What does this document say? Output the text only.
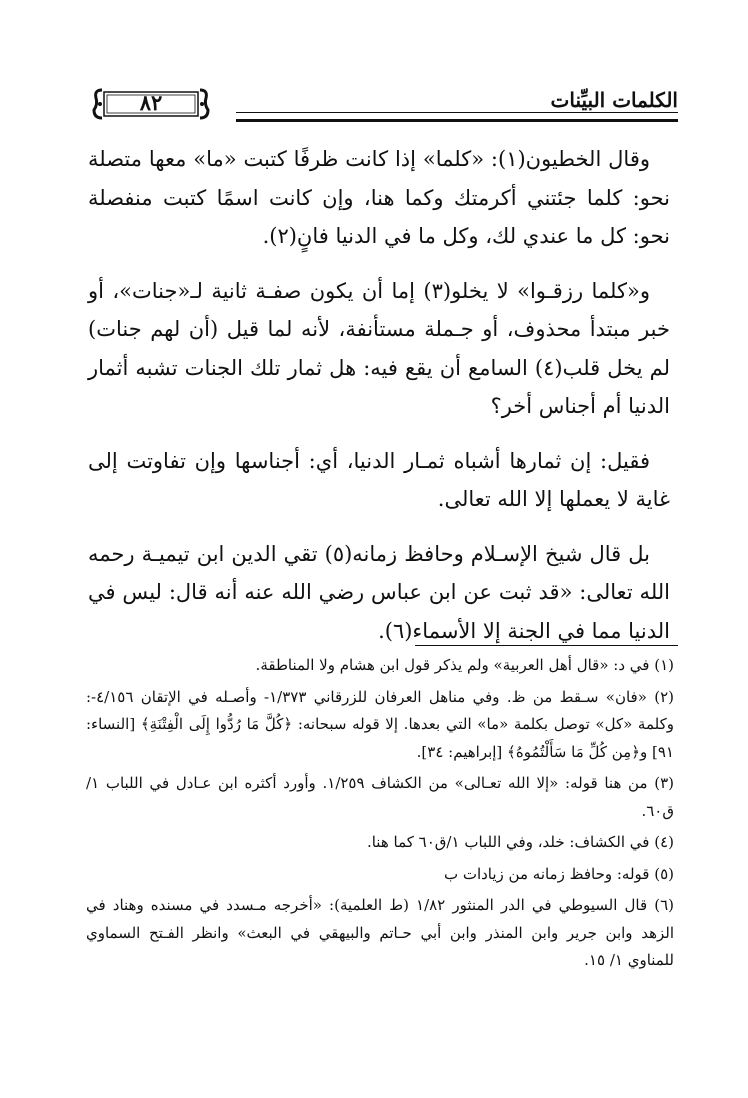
الكلمات البيِّنات
٨٢

وقال الخطيون(١): «كلما» إذا كانت ظرفًا كتبت «ما» معها متصلة نحو: كلما جئتني أكرمتك وكما هنا، وإن كانت اسمًا كتبت منفصلة نحو: كل ما عندي لك، وكل ما في الدنيا فانٍ(٢).

و«كلما رزقـوا» لا يخلو(٣) إما أن يكون صفـة ثانية لـ«جنات»، أو خبر مبتدأ محذوف، أو جـملة مستأنفة، لأنه لما قيل (أن لهم جنات) لم يخل قلب(٤) السامع أن يقع فيه: هل ثمار تلك الجنات تشبه أثمار الدنيا أم أجناس أخر؟

فقيل: إن ثمارها أشباه ثمـار الدنيا، أي: أجناسها وإن تفاوتت إلى غاية لا يعملها إلا الله تعالى.

بل قال شيخ الإسـلام وحافظ زمانه(٥) تقي الدين ابن تيميـة رحمه الله تعالى: «قد ثبت عن ابن عباس رضي الله عنه أنه قال: ليس في الدنيا مما في الجنة إلا الأسماء(٦).

(١) في د: «قال أهل العربية» ولم يذكر قول ابن هشام ولا المناطقة.

(٢) «فان» سـقط من ظ. وفي مناهل العرفان للزرقاني ١/٣٧٣- وأصـله في الإتقان ٤/١٥٦-: وكلمة «كل» توصل بكلمة «ما» التي بعدها. إلا قوله سبحانه: ﴿كُلَّ مَا رُدُّوا إِلَى الْفِتْنَةِ﴾ [النساء: ٩١] و﴿مِن كُلِّ مَا سَأَلْتُمُوهُ﴾ [إبراهيم: ٣٤].

(٣) من هنا قوله: «إلا الله تعـالى» من الكشاف ١/٢٥٩. وأورد أكثره ابن عـادل في اللباب ١/ق٦٠.

(٤) في الكشاف: خلد، وفي اللباب ١/ق٦٠ كما هنا.

(٥) قوله: وحافظ زمانه من زيادات ب

(٦) قال السيوطي في الدر المنثور ١/٨٢ (ط العلمية): «أخرجه مـسدد في مسنده وهناد في الزهد وابن جرير وابن المنذر وابن أبي حـاتم والبيهقي في البعث» وانظر الفـتح السماوي للمناوي ١/ ١٥.
